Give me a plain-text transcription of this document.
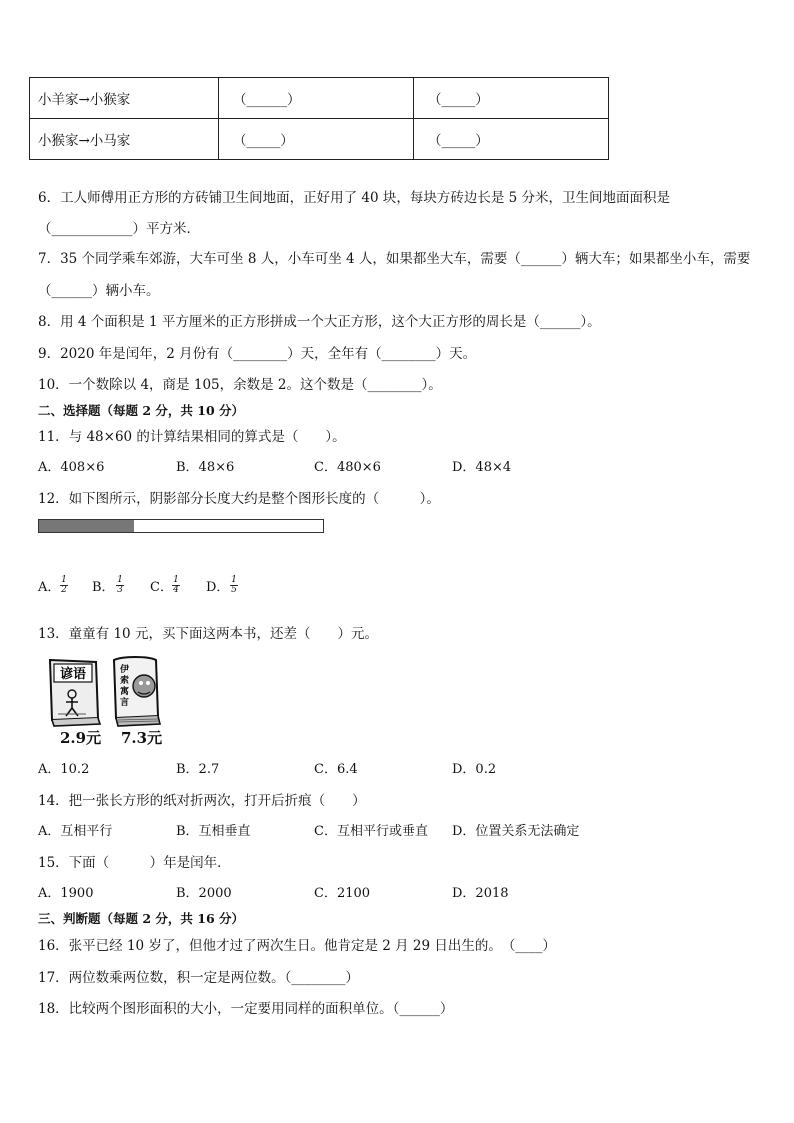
小羊家→小猴家	（______）	（_____）
小猴家→小马家	（_____）	（_____）
6．工人师傅用正方形的方砖铺卫生间地面，正好用了 40 块，每块方砖边长是 5 分米，卫生间地面面积是
（____________）平方米．
7．35 个同学乘车郊游，大车可坐 8 人，小车可坐 4 人，如果都坐大车，需要（______）辆大车；如果都坐小车，需要
（______）辆小车。
8．用 4 个面积是 1 平方厘米的正方形拼成一个大正方形，这个大正方形的周长是（______）。
9．2020 年是闰年，2 月份有（________）天，全年有（________）天。
10．一个数除以 4，商是 105，余数是 2。这个数是（________）。
二、选择题（每题 2 分，共 10 分）
11．与 48×60 的计算结果相同的算式是（　　）。
A．408×6	B．48×6	C．480×6	D．48×4
12．如下图所示，阴影部分长度大约是整个图形长度的（　　　）。
A． $\frac{1}{2}$ B． $\frac{1}{3}$ C． $\frac{1}{4}$ D． $\frac{1}{5}$
13．童童有 10 元，买下面这两本书，还差（　　）元。
谚语	伊 索 寓 言
2.9元 7.3元
A．10.2	B．2.7	C．6.4	D．0.2
14．把一张长方形的纸对折两次，打开后折痕（　　）
A．互相平行	B．互相垂直	C．互相平行或垂直 D．位置关系无法确定
15．下面（　　　）年是闰年．
A．1900	B．2000	C．2100	D．2018
三、判断题（每题 2 分，共 16 分）
16．张平已经 10 岁了，但他才过了两次生日。他肯定是 2 月 29 日出生的。　（____）
17．两位数乘两位数，积一定是两位数。（________）
18．比较两个图形面积的大小，一定要用同样的面积单位。（______）
